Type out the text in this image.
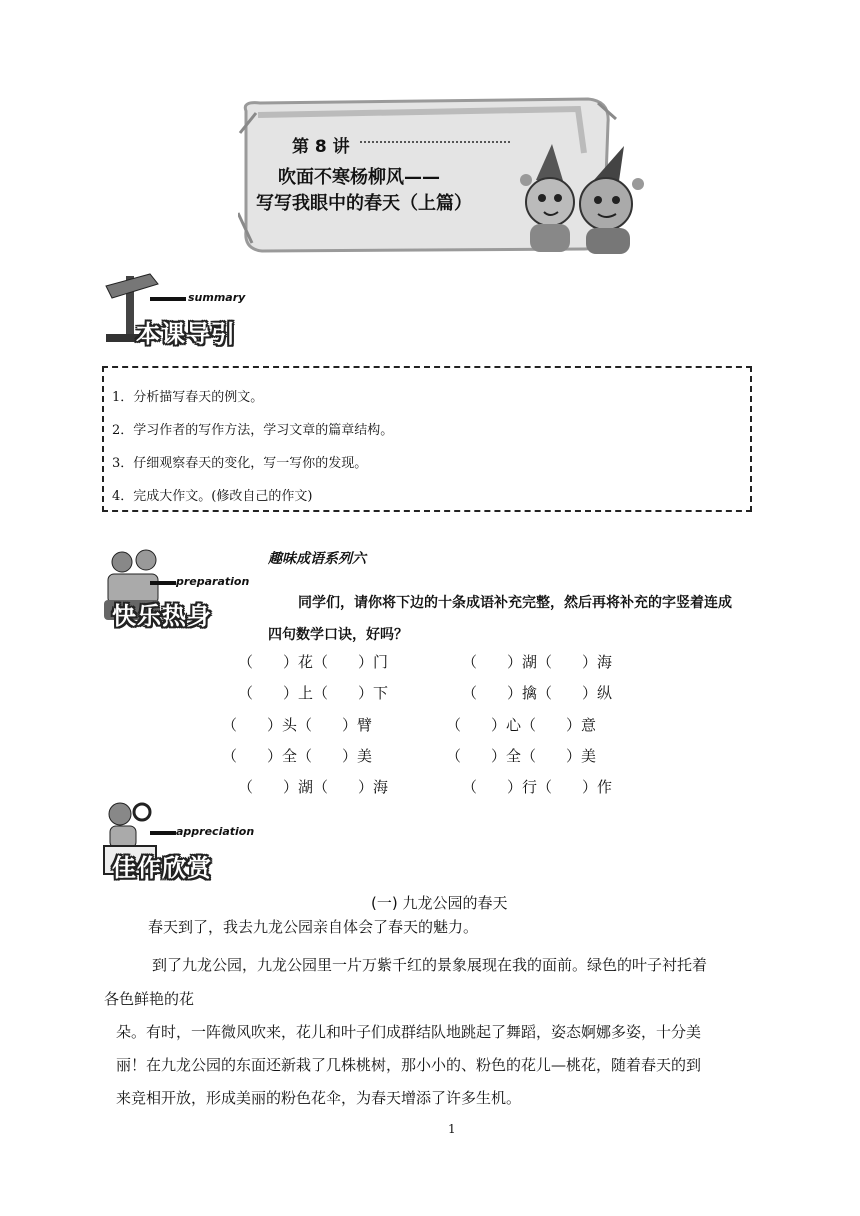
第 8 讲
吹面不寒杨柳风——
写写我眼中的春天（上篇）
summary
本课导引
1．分析描写春天的例文。
2．学习作者的写作方法，学习文章的篇章结构。
3．仔细观察春天的变化，写一写你的发现。
4．完成大作文。(修改自己的作文)
preparation
快乐热身
趣味成语系列六
同学们，请你将下边的十条成语补充完整，然后再将补充的字竖着连成
四句数学口诀，好吗？
（　　）花（　　）门	（　　）湖（　　）海
（　　）上（　　）下	（　　）擒（　　）纵
（　　）头（　　）臂	（　　）心（　　）意
（　　）全（　　）美	（　　）全（　　）美
（　　）湖（　　）海	（　　）行（　　）作
appreciation
佳作欣赏
(一) 九龙公园的春天
春天到了，我去九龙公园亲自体会了春天的魅力。
到了九龙公园，九龙公园里一片万紫千红的景象展现在我的面前。绿色的叶子衬托着
各色鲜艳的花
朵。有时，一阵微风吹来，花儿和叶子们成群结队地跳起了舞蹈，姿态婀娜多姿，十分美
丽！在九龙公园的东面还新栽了几株桃树，那小小的、粉色的花儿—桃花，随着春天的到
来竞相开放，形成美丽的粉色花伞，为春天增添了许多生机。
1
